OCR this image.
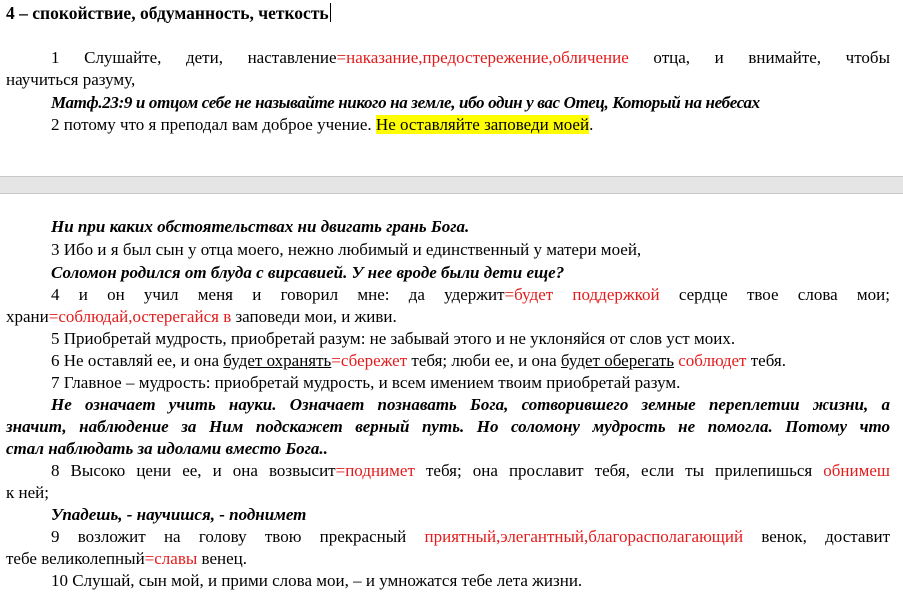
4 – спокойствие, обдуманность, четкость
1 Слушайте, дети, наставление=наказание,предостережение,обличение отца, и внимайте, чтобы
научиться разуму,
Матф.23:9 и отцом себе не называйте никого на земле, ибо один у вас Отец, Который на небесах
2 потому что я преподал вам доброе учение. Не оставляйте заповеди моей.
Ни при каких обстоятельствах ни двигать грань Бога.
3 Ибо и я был сын у отца моего, нежно любимый и единственный у матери моей,
Соломон родился от блуда с вирсавией. У нее вроде были дети еще?
4 и он учил меня и говорил мне: да удержит=будет поддержкой сердце твое слова мои;
храни=соблюдай,остерегайся в заповеди мои, и живи.
5 Приобретай мудрость, приобретай разум: не забывай этого и не уклоняйся от слов уст моих.
6 Не оставляй ее, и она будет охранять=сбережет тебя; люби ее, и она будет оберегать соблюдет тебя.
7 Главное – мудрость: приобретай мудрость, и всем имением твоим приобретай разум.
Не означает учить науки. Означает познавать Бога, сотворившего земные переплетии жизни, а
значит, наблюдение за Ним подскажет верный путь. Но соломону мудрость не помогла. Потому что
стал наблюдать за идолами вместо Бога..
8 Высоко цени ее, и она возвысит=поднимет тебя; она прославит тебя, если ты прилепишься обнимеш
к ней;
Упадешь, - научишся, - поднимет
9 возложит на голову твою прекрасный приятный,элегантный,благорасполагающий венок, доставит
тебе великолепный=славы венец.
10 Слушай, сын мой, и прими слова мои, – и умножатся тебе лета жизни.
